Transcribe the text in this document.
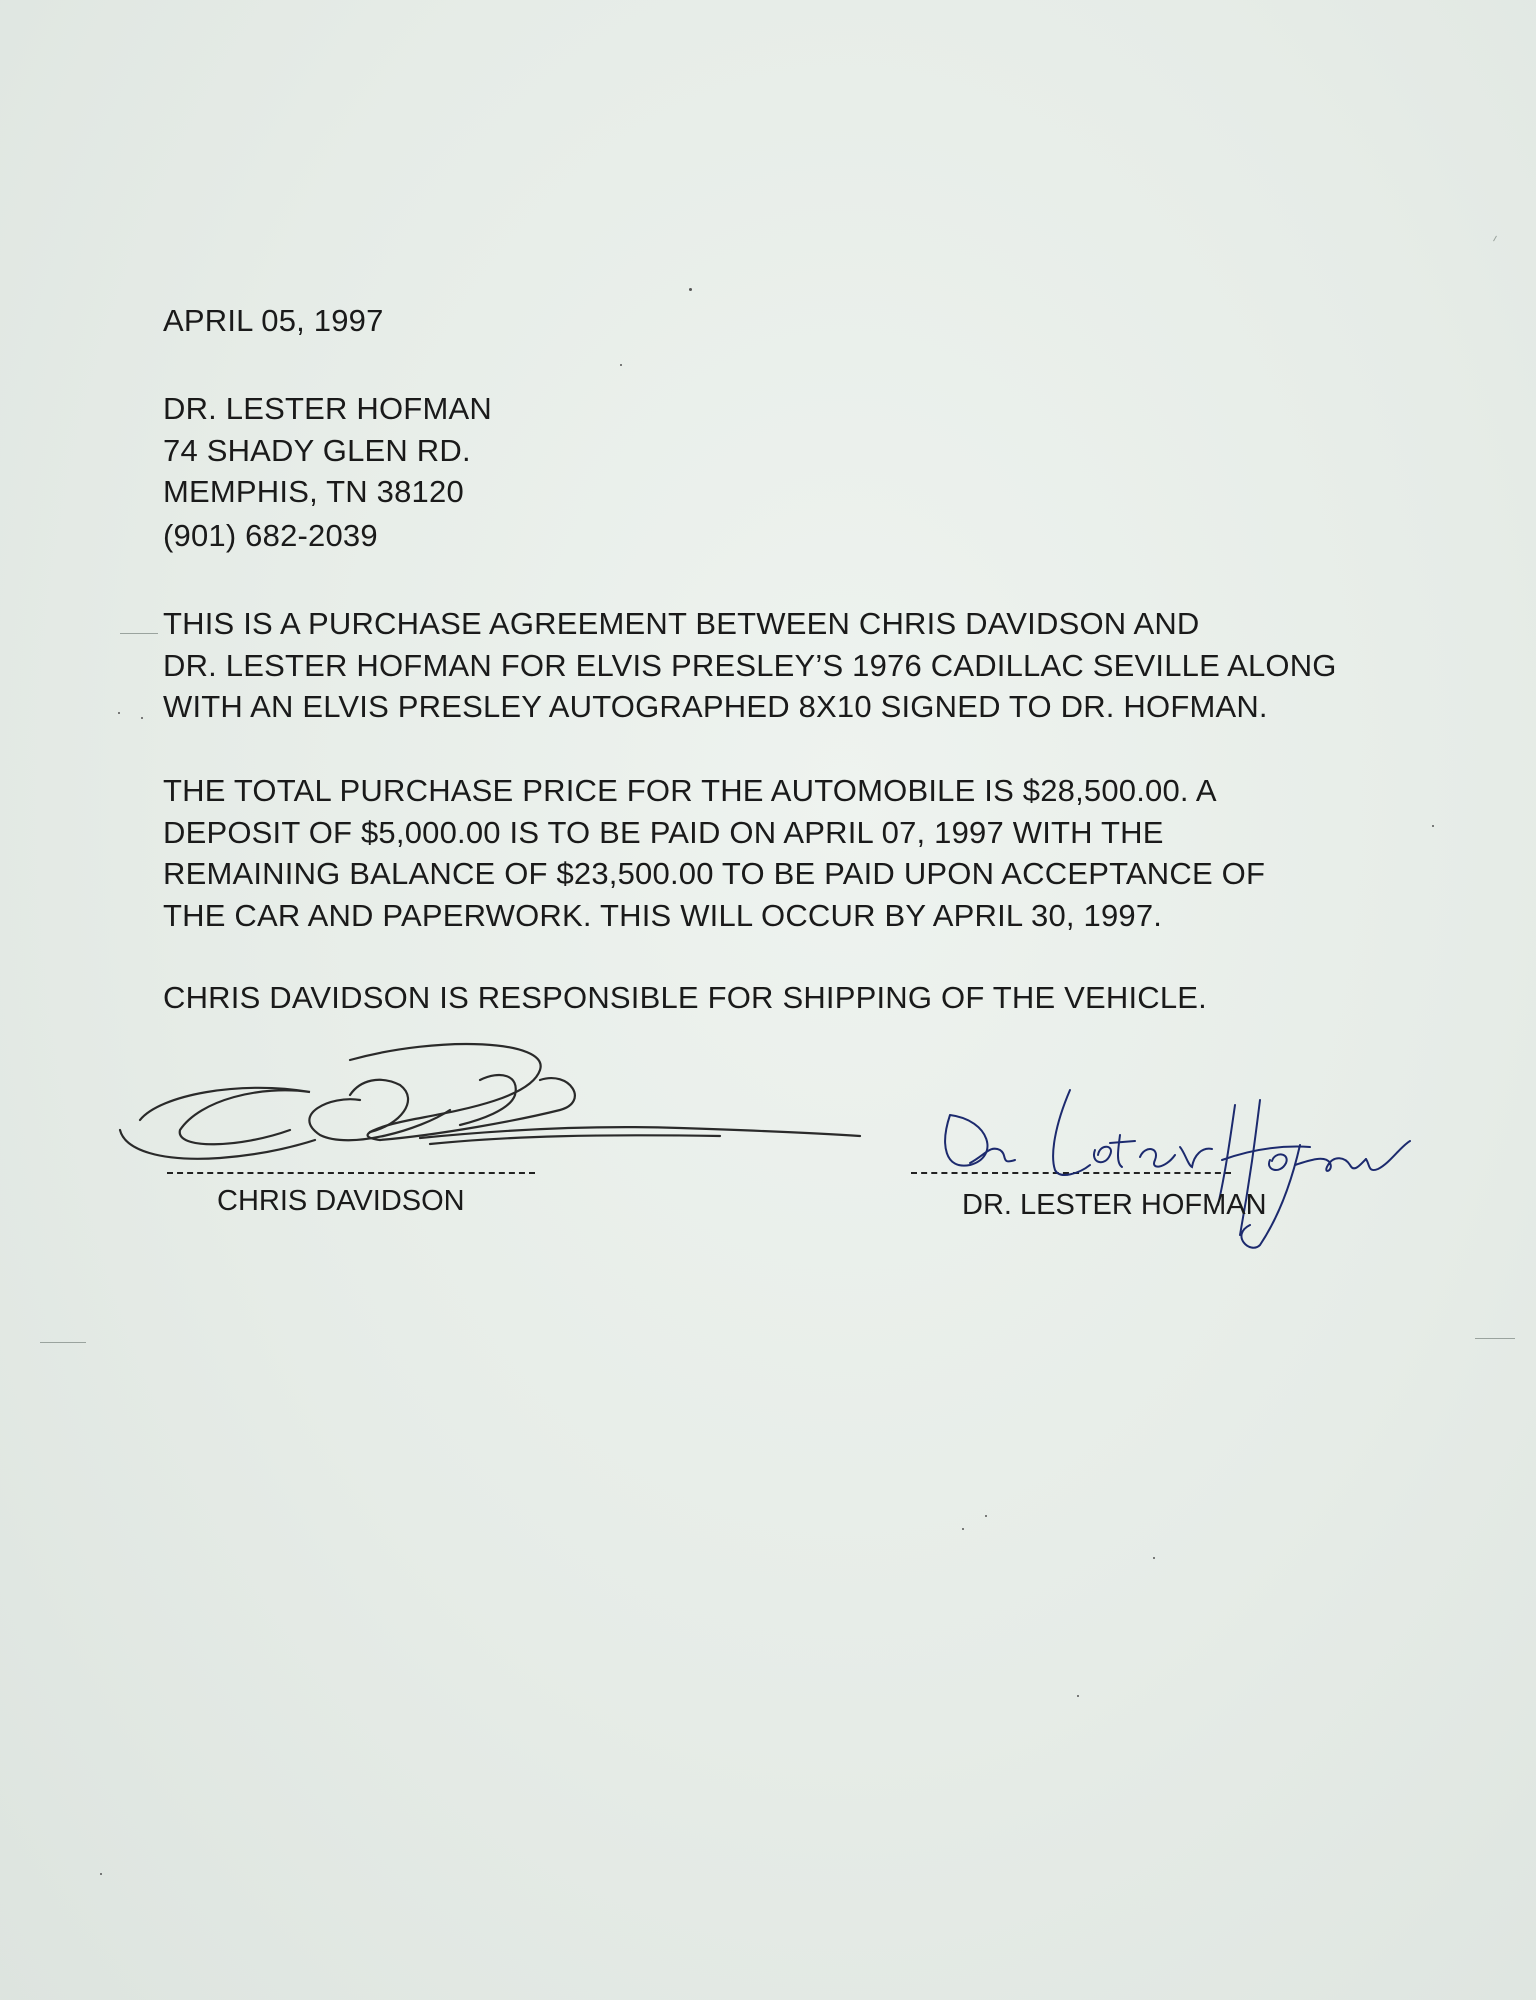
APRIL 05, 1997
DR. LESTER HOFMAN
74 SHADY GLEN RD.
MEMPHIS, TN 38120
(901) 682-2039
THIS IS A PURCHASE AGREEMENT BETWEEN CHRIS DAVIDSON AND
DR. LESTER HOFMAN FOR ELVIS PRESLEY’S 1976 CADILLAC SEVILLE ALONG
WITH AN ELVIS PRESLEY AUTOGRAPHED 8X10 SIGNED TO DR. HOFMAN.
THE TOTAL PURCHASE PRICE FOR THE AUTOMOBILE IS $28,500.00. A
DEPOSIT OF $5,000.00 IS TO BE PAID ON APRIL 07, 1997 WITH THE
REMAINING BALANCE OF $23,500.00 TO BE PAID UPON ACCEPTANCE OF
THE CAR AND PAPERWORK. THIS WILL OCCUR BY APRIL 30, 1997.
CHRIS DAVIDSON IS RESPONSIBLE FOR SHIPPING OF THE VEHICLE.
CHRIS DAVIDSON	DR. LESTER HOFMAN
